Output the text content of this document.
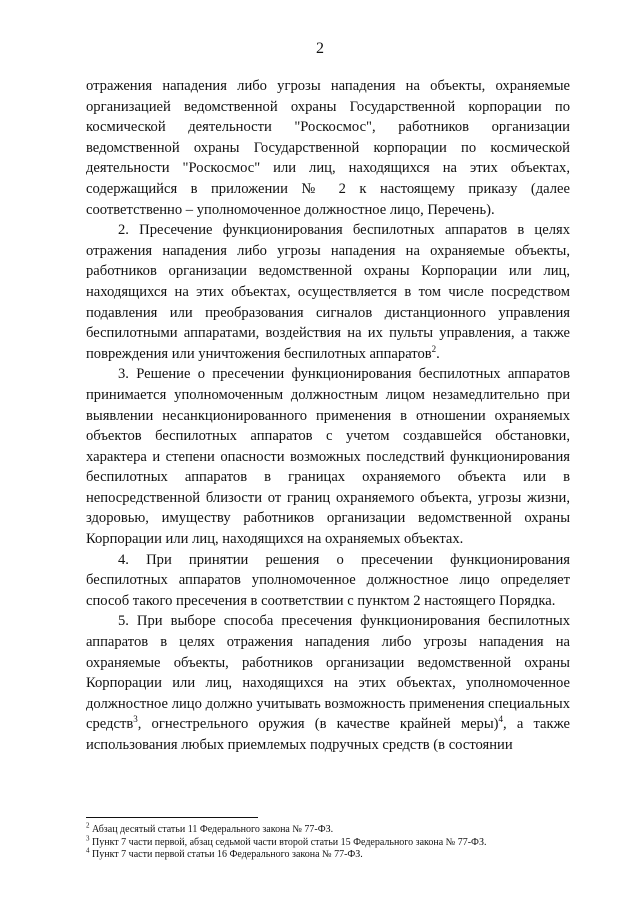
2

отражения нападения либо угрозы нападения на объекты, охраняемые организацией ведомственной охраны Государственной корпорации по космической деятельности "Роскосмос", работников организации ведомственной охраны Государственной корпорации по космической деятельности "Роскосмос" или лиц, находящихся на этих объектах, содержащийся в приложении № 2 к настоящему приказу (далее соответственно – уполномоченное должностное лицо, Перечень).

2. Пресечение функционирования беспилотных аппаратов в целях отражения нападения либо угрозы нападения на охраняемые объекты, работников организации ведомственной охраны Корпорации или лиц, находящихся на этих объектах, осуществляется в том числе посредством подавления или преобразования сигналов дистанционного управления беспилотными аппаратами, воздействия на их пульты управления, а также повреждения или уничтожения беспилотных аппаратов$^2$.

3. Решение о пресечении функционирования беспилотных аппаратов принимается уполномоченным должностным лицом незамедлительно при выявлении несанкционированного применения в отношении охраняемых объектов беспилотных аппаратов с учетом создавшейся обстановки, характера и степени опасности возможных последствий функционирования беспилотных аппаратов в границах охраняемого объекта или в непосредственной близости от границ охраняемого объекта, угрозы жизни, здоровью, имуществу работников организации ведомственной охраны Корпорации или лиц, находящихся на охраняемых объектах.

4. При принятии решения о пресечении функционирования беспилотных аппаратов уполномоченное должностное лицо определяет способ такого пресечения в соответствии с пунктом 2 настоящего Порядка.

5. При выборе способа пресечения функционирования беспилотных аппаратов в целях отражения нападения либо угрозы нападения на охраняемые объекты, работников организации ведомственной охраны Корпорации или лиц, находящихся на этих объектах, уполномоченное должностное лицо должно учитывать возможность применения специальных средств$^3$, огнестрельного оружия (в качестве крайней меры)$^4$, а также использования любых приемлемых подручных средств (в состоянии

$^2$ Абзац десятый статьи 11 Федерального закона № 77-ФЗ.

$^3$ Пункт 7 части первой, абзац седьмой части второй статьи 15 Федерального закона № 77-ФЗ.

$^4$ Пункт 7 части первой статьи 16 Федерального закона № 77-ФЗ.
